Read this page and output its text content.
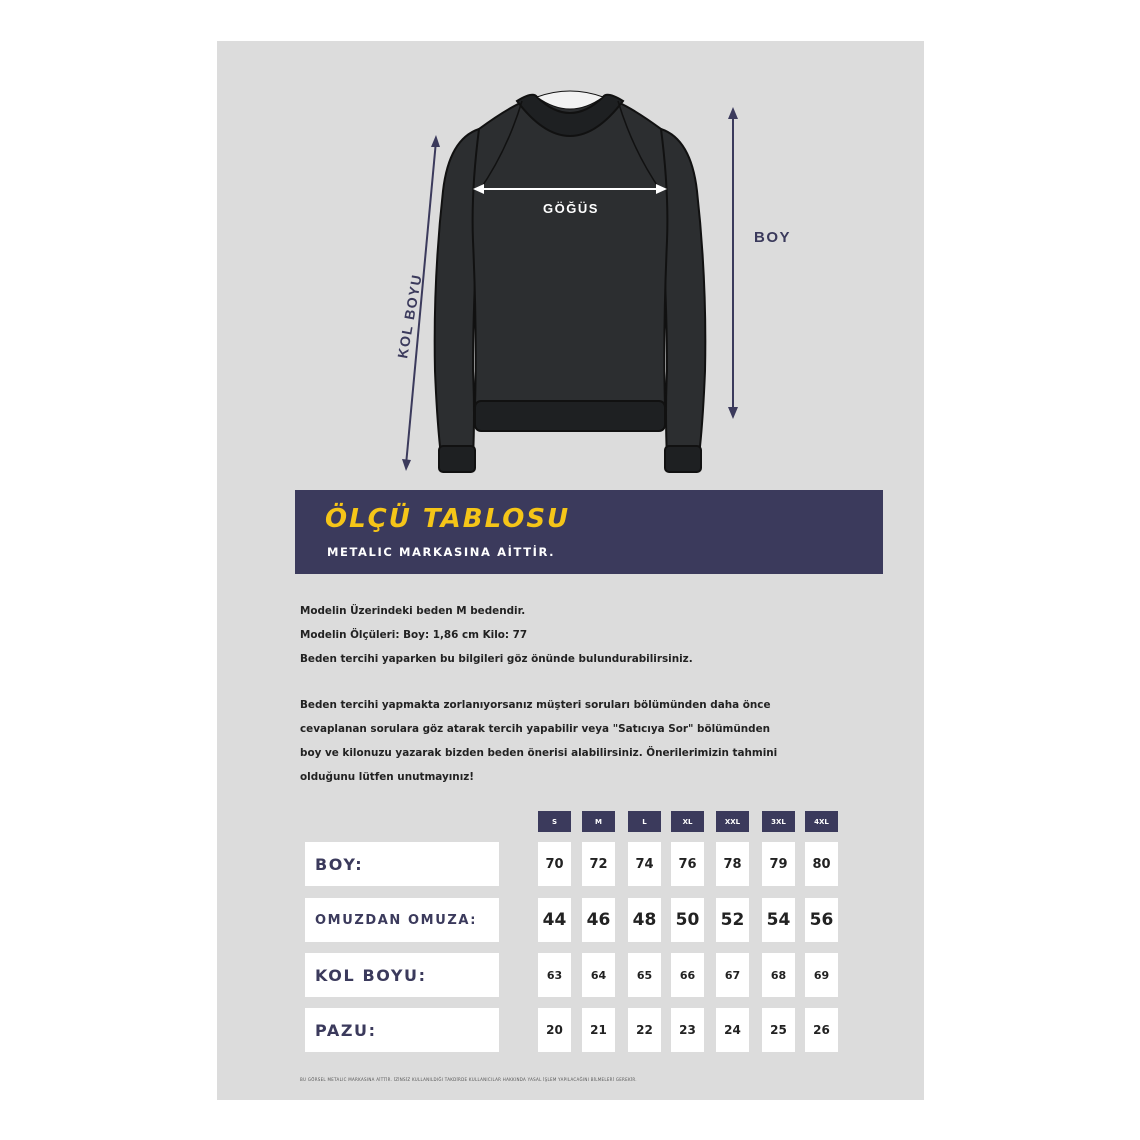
KOL BOYU
BOY
GÖĞÜS
ÖLÇÜ TABLOSU
METALIC MARKASINA AİTTİR.

Modelin Üzerindeki beden M bedendir.

Modelin Ölçüleri: Boy: 1,86 cm Kilo: 77

Beden tercihi yaparken bu bilgileri göz önünde bulundurabilirsiniz.

Beden tercihi yapmakta zorlanıyorsanız müşteri soruları bölümünden daha önce

cevaplanan sorulara göz atarak tercih yapabilir veya "Satıcıya Sor" bölümünden

boy ve kilonuzu yazarak bizden beden önerisi alabilirsiniz. Önerilerimizin tahmini

olduğunu lütfen unutmayınız!

S	M	L	XL	XXL	3XL	4XL
BOY:	70	72	74	76	78	79	80
OMUZDAN OMUZA:	44 46 48 50 52 54 56
KOL BOYU:	63	64	65	66	67	68	69
PAZU:	20	21	22	23	24	25	26
BU GÖRSEL METALIC MARKASINA AİTTİR. İZİNSİZ KULLANILDIĞI TAKDİRDE KULLANICILAR HAKKINDA YASAL İŞLEM YAPILACAĞINI BİLMELERİ GEREKİR.
